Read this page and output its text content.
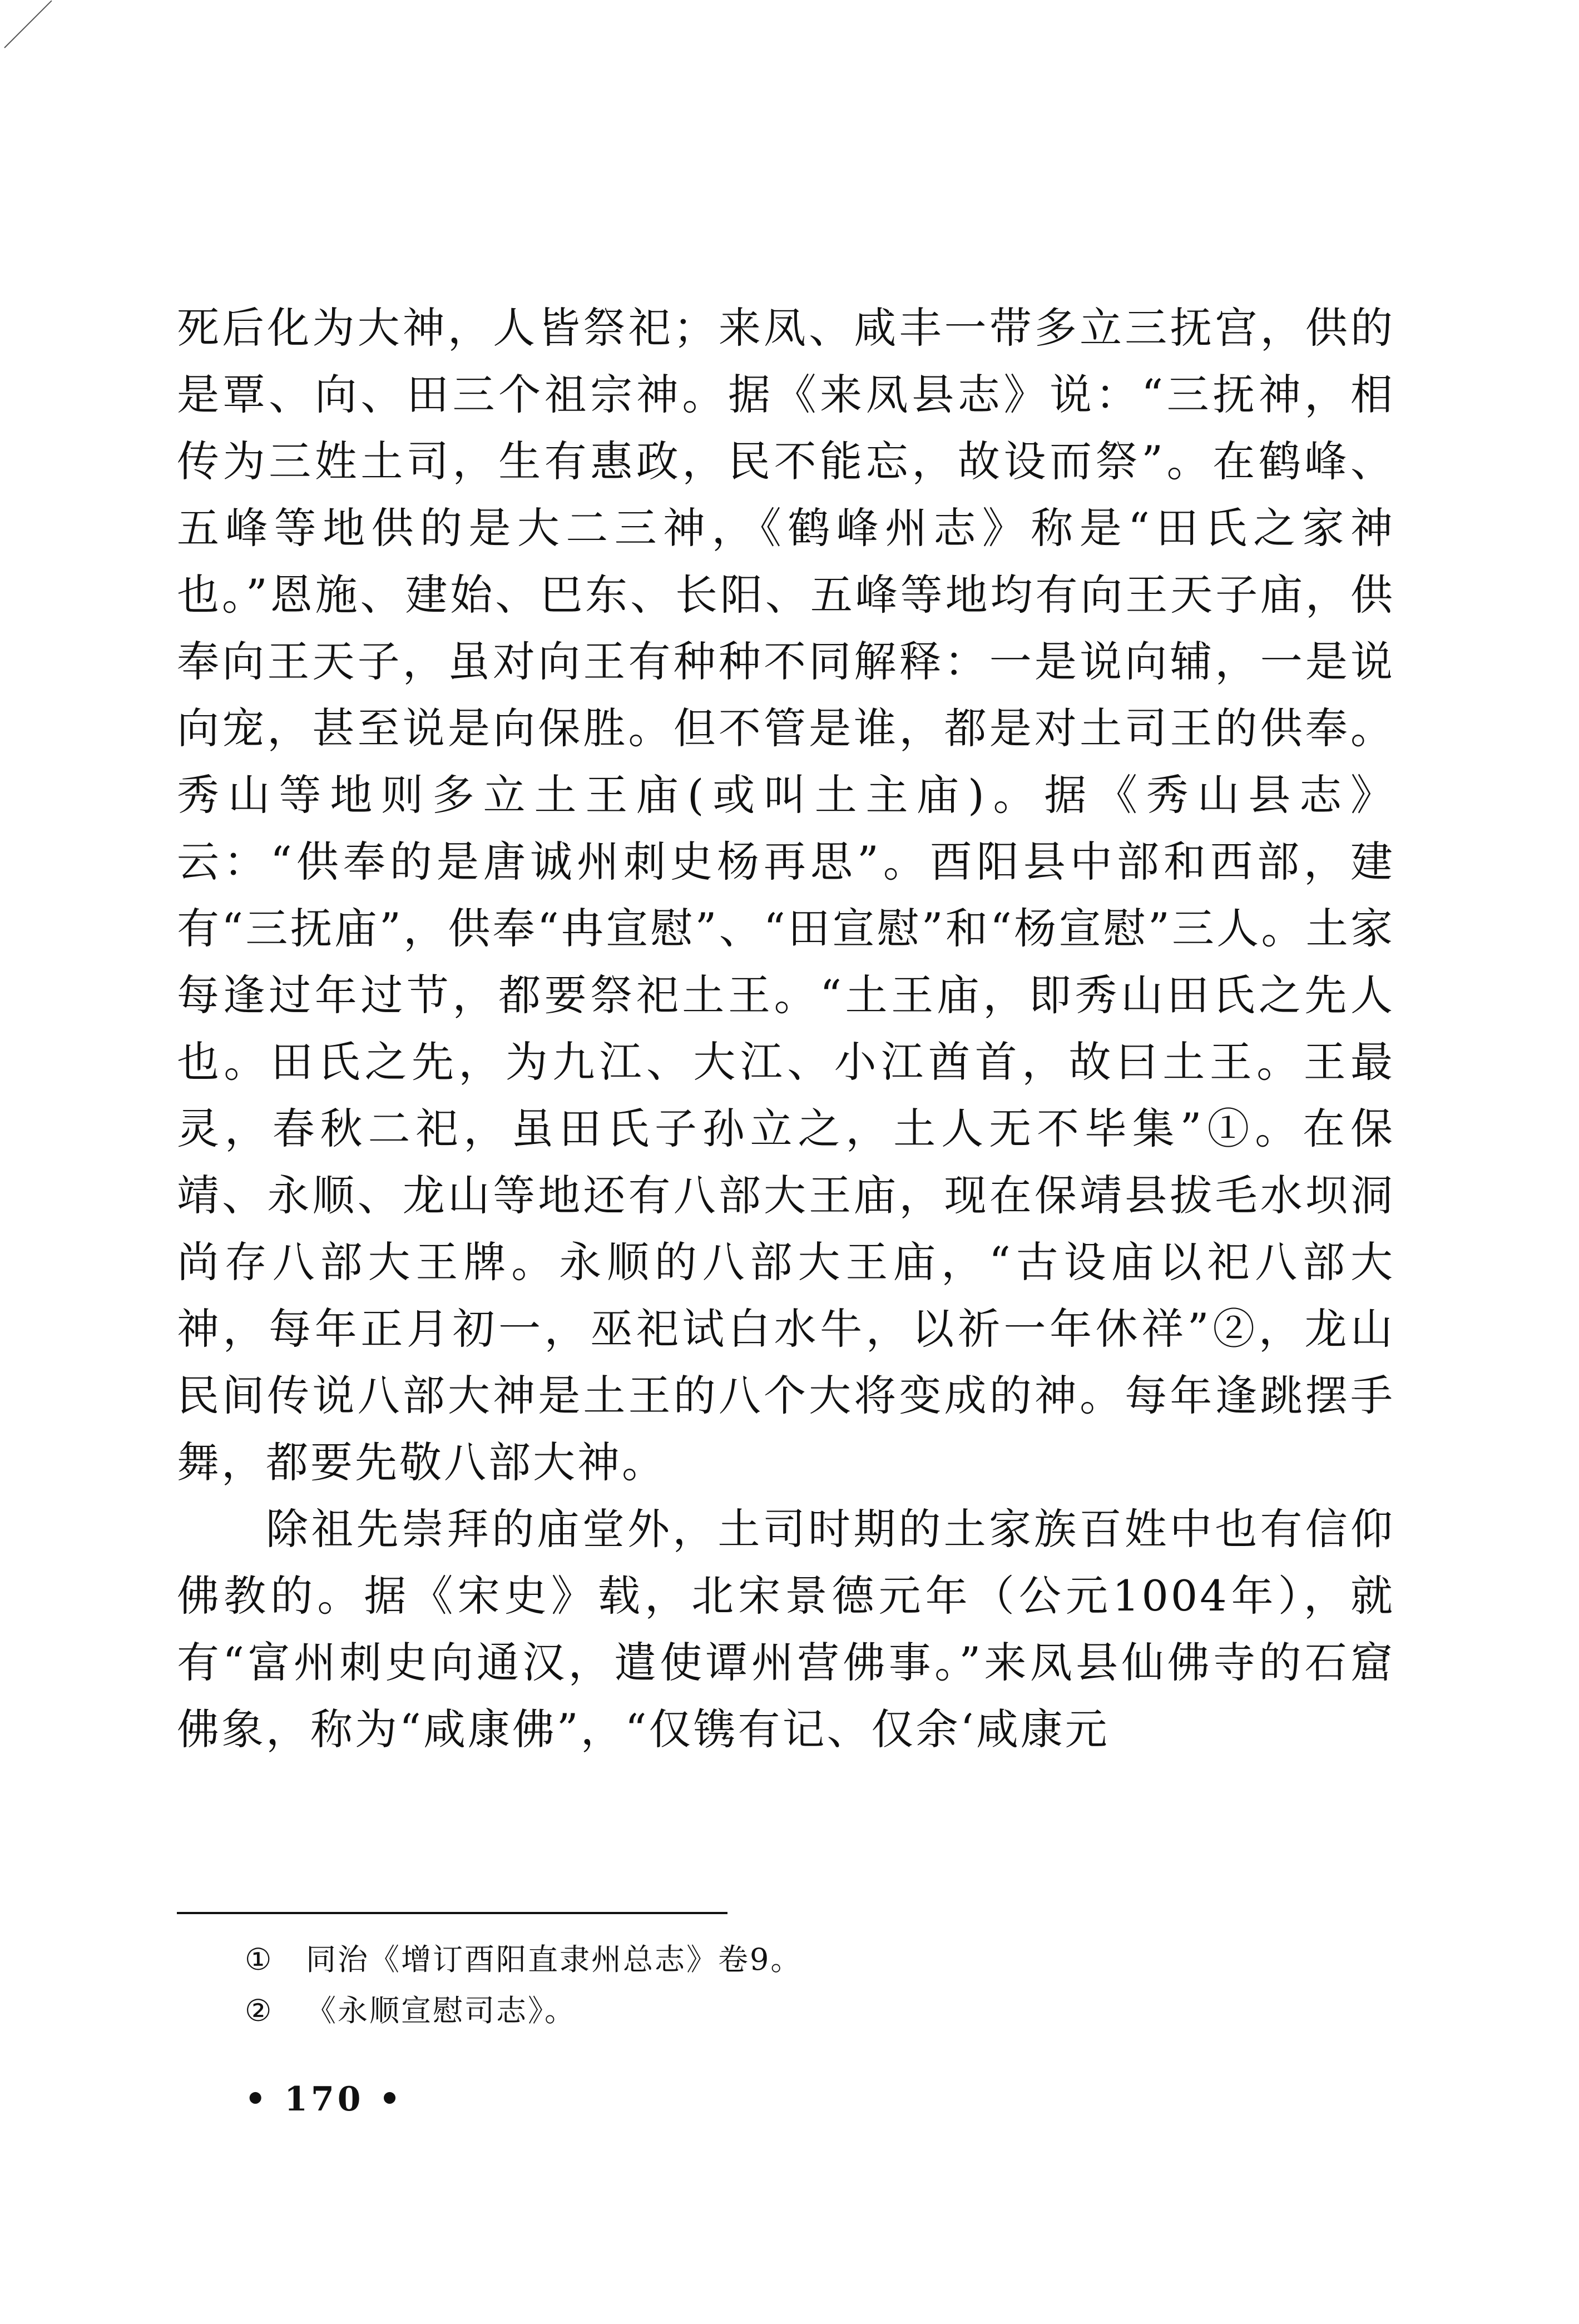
死后化为大神，人皆祭祀；来凤、咸丰一带多立三抚宫，供的是覃、向、田三个祖宗神。据《来凤县志》说：“三抚神，相传为三姓土司，生有惠政，民不能忘，故设而祭”。在鹤峰、五峰等地供的是大二三神，《鹤峰州志》称是“田氏之家神也。”恩施、建始、巴东、长阳、五峰等地均有向王天子庙，供奉向王天子，虽对向王有种种不同解释：一是说向辅，一是说向宠，甚至说是向保胜。但不管是谁，都是对土司王的供奉。秀山等地则多立土王庙(或叫土主庙)。据《秀山县志》云：“供奉的是唐诚州刺史杨再思”。酉阳县中部和西部，建有“三抚庙”，供奉“冉宣慰”、“田宣慰”和“杨宣慰”三人。土家每逢过年过节，都要祭祀土王。“土王庙，即秀山田氏之先人也。田氏之先，为九江、大江、小江酋首，故曰土王。王最灵，春秋二祀，虽田氏子孙立之，土人无不毕集”①。在保靖、永顺、龙山等地还有八部大王庙，现在保靖县拔毛水坝洞尚存八部大王牌。永顺的八部大王庙，“古设庙以祀八部大神，每年正月初一，巫祀试白水牛，以祈一年休祥”②，龙山民间传说八部大神是土王的八个大将变成的神。每年逢跳摆手舞，都要先敬八部大神。

除祖先崇拜的庙堂外，土司时期的土家族百姓中也有信仰佛教的。据《宋史》载，北宋景德元年（公元1004年），就有“富州刺史向通汉，遣使谭州营佛事。”来凤县仙佛寺的石窟佛象，称为“咸康佛”，“仅镌有记、仅余‘咸康元

① 同治《增订酉阳直隶州总志》卷9。
② 《永顺宣慰司志》。
• 170 •
